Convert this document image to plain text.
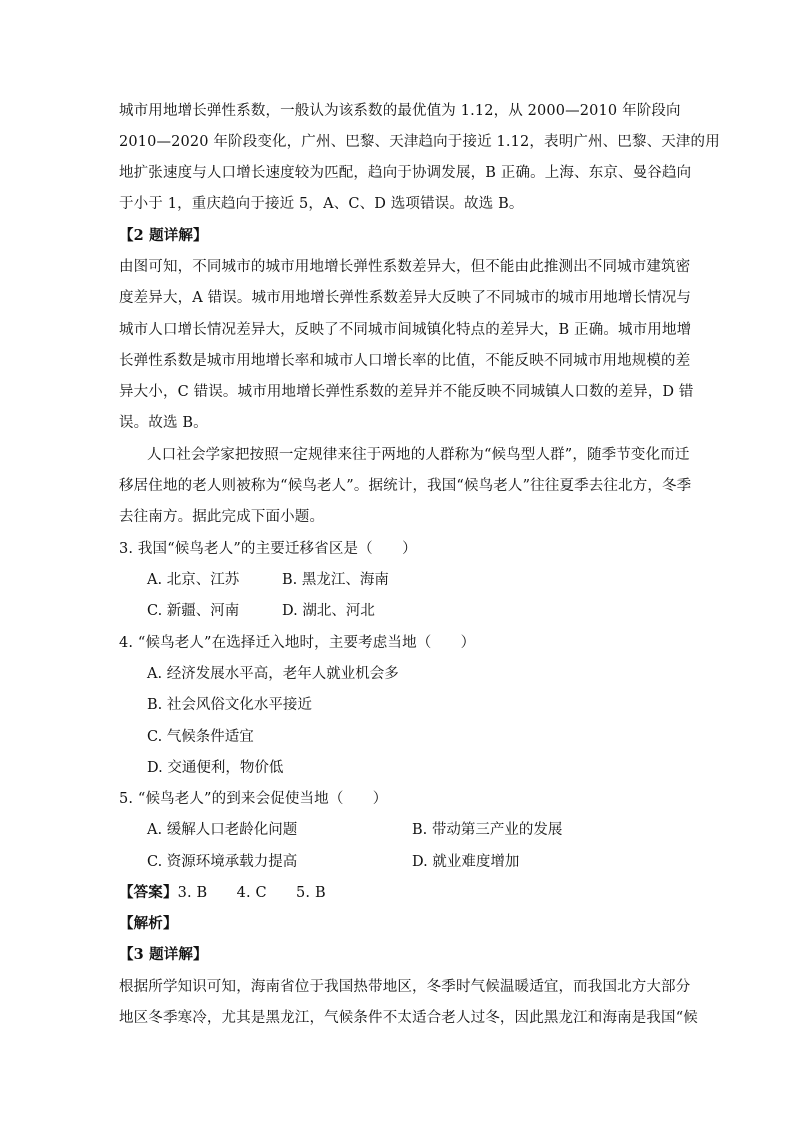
城市用地增长弹性系数，一般认为该系数的最优值为 1.12，从 2000—2010 年阶段向
2010—2020 年阶段变化，广州、巴黎、天津趋向于接近 1.12，表明广州、巴黎、天津的用
地扩张速度与人口增长速度较为匹配，趋向于协调发展，B 正确。上海、东京、曼谷趋向
于小于 1，重庆趋向于接近 5，A、C、D 选项错误。故选 B。
【2 题详解】
由图可知，不同城市的城市用地增长弹性系数差异大，但不能由此推测出不同城市建筑密
度差异大，A 错误。城市用地增长弹性系数差异大反映了不同城市的城市用地增长情况与
城市人口增长情况差异大，反映了不同城市间城镇化特点的差异大，B 正确。城市用地增
长弹性系数是城市用地增长率和城市人口增长率的比值，不能反映不同城市用地规模的差
异大小，C 错误。城市用地增长弹性系数的差异并不能反映不同城镇人口数的差异，D 错
误。故选 B。
人口社会学家把按照一定规律来往于两地的人群称为“候鸟型人群”，随季节变化而迁
移居住地的老人则被称为“候鸟老人”。据统计，我国“候鸟老人”往往夏季去往北方，冬季
去往南方。据此完成下面小题。
3. 我国“候鸟老人”的主要迁移省区是（　　）
A. 北京、江苏	B. 黑龙江、海南
C. 新疆、河南	D. 湖北、河北
4. “候鸟老人”在选择迁入地时，主要考虑当地（　　）
A. 经济发展水平高，老年人就业机会多
B. 社会风俗文化水平接近
C. 气候条件适宜
D. 交通便利，物价低
5. “候鸟老人”的到来会促使当地（　　）
A. 缓解人口老龄化问题	B. 带动第三产业的发展
C. 资源环境承载力提高	D. 就业难度增加
【答案】3. B　　4. C　　5. B
【解析】
【3 题详解】
根据所学知识可知，海南省位于我国热带地区，冬季时气候温暖适宜，而我国北方大部分
地区冬季寒冷，尤其是黑龙江，气候条件不太适合老人过冬，因此黑龙江和海南是我国“候
